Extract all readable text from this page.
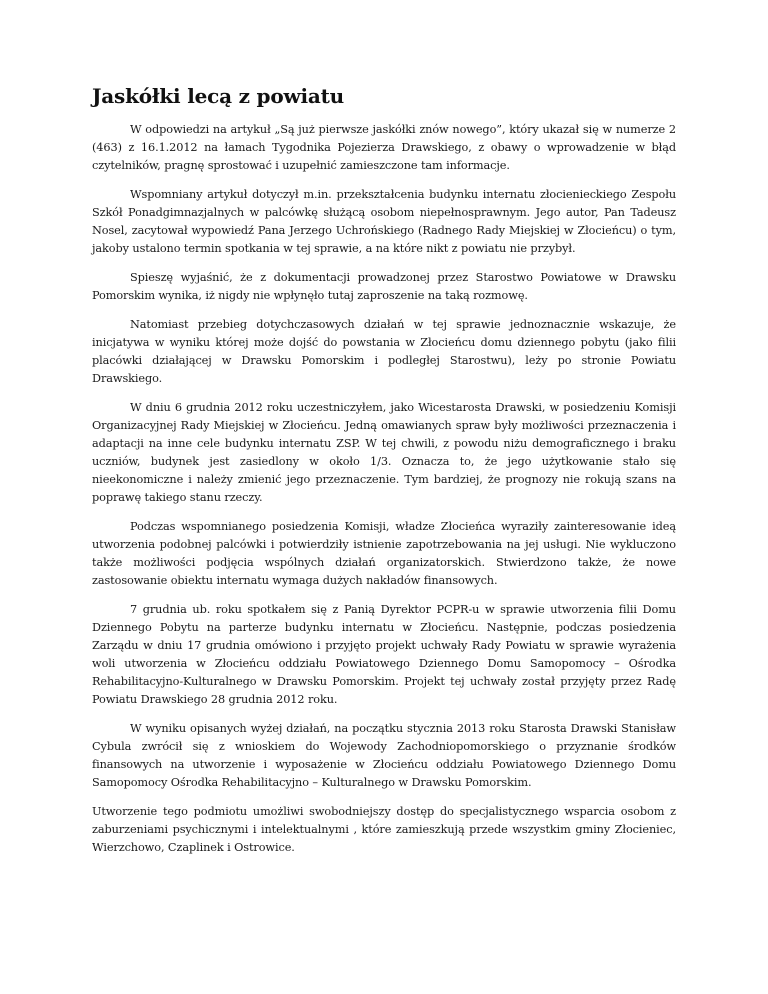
Jaskółki lecą z powiatu

W odpowiedzi na artykuł „Są już pierwsze jaskółki znów nowego”, który ukazał się w numerze 2 (463) z 16.1.2012 na łamach Tygodnika Pojezierza Drawskiego, z obawy o wprowadzenie w błąd czytelników, pragnę sprostować i uzupełnić zamieszczone tam informacje.

Wspomniany artykuł dotyczył m.in. przekształcenia budynku internatu złocienieckiego Zespołu Szkół Ponadgimnazjalnych w palcówkę służącą osobom niepełnosprawnym. Jego autor, Pan Tadeusz Nosel, zacytował wypowiedź Pana Jerzego Uchrońskiego (Radnego Rady Miejskiej w Złocieńcu) o tym, jakoby ustalono termin spotkania w tej sprawie, a na które nikt z powiatu nie przybył.

Spieszę wyjaśnić, że z dokumentacji prowadzonej przez Starostwo Powiatowe w Drawsku Pomorskim wynika, iż nigdy nie wpłynęło tutaj zaproszenie na taką rozmowę.

Natomiast przebieg dotychczasowych działań w tej sprawie jednoznacznie wskazuje, że inicjatywa w wyniku której może dojść do powstania w Złocieńcu domu dziennego pobytu (jako filii placówki działającej w Drawsku Pomorskim i podległej Starostwu), leży po stronie Powiatu Drawskiego.

W dniu 6 grudnia 2012 roku uczestniczyłem, jako Wicestarosta Drawski, w posiedzeniu Komisji Organizacyjnej Rady Miejskiej w Złocieńcu. Jedną omawianych spraw były możliwości przeznaczenia i adaptacji na inne cele budynku internatu ZSP. W tej chwili, z powodu niżu demograficznego i braku uczniów, budynek jest zasiedlony w około 1/3. Oznacza to, że jego użytkowanie stało się nieekonomiczne i należy zmienić jego przeznaczenie. Tym bardziej, że prognozy nie rokują szans na poprawę takiego stanu rzeczy.

Podczas wspomnianego posiedzenia Komisji, władze Złocieńca wyraziły zainteresowanie ideą utworzenia podobnej palcówki i potwierdziły istnienie zapotrzebowania na jej usługi. Nie wykluczono także możliwości podjęcia wspólnych działań organizatorskich. Stwierdzono także, że nowe zastosowanie obiektu internatu wymaga dużych nakładów finansowych.

7 grudnia ub. roku spotkałem się z Panią Dyrektor PCPR-u w sprawie utworzenia filii Domu Dziennego Pobytu na parterze budynku internatu w Złocieńcu. Następnie, podczas posiedzenia Zarządu w dniu 17 grudnia omówiono i przyjęto projekt uchwały Rady Powiatu w sprawie wyrażenia woli utworzenia w Złocieńcu oddziału Powiatowego Dziennego Domu Samopomocy – Ośrodka Rehabilitacyjno-Kulturalnego w Drawsku Pomorskim. Projekt tej uchwały został przyjęty przez Radę Powiatu Drawskiego 28 grudnia 2012 roku.

W wyniku opisanych wyżej działań, na początku stycznia 2013 roku Starosta Drawski Stanisław Cybula zwrócił się z wnioskiem do Wojewody Zachodniopomorskiego o przyznanie środków finansowych na utworzenie i wyposażenie w Złocieńcu oddziału Powiatowego Dziennego Domu Samopomocy Ośrodka Rehabilitacyjno – Kulturalnego w Drawsku Pomorskim.

Utworzenie tego podmiotu umożliwi swobodniejszy dostęp do specjalistycznego wsparcia osobom z zaburzeniami psychicznymi i intelektualnymi , które zamieszkują przede wszystkim gminy Złocieniec, Wierzchowo, Czaplinek i Ostrowice.
